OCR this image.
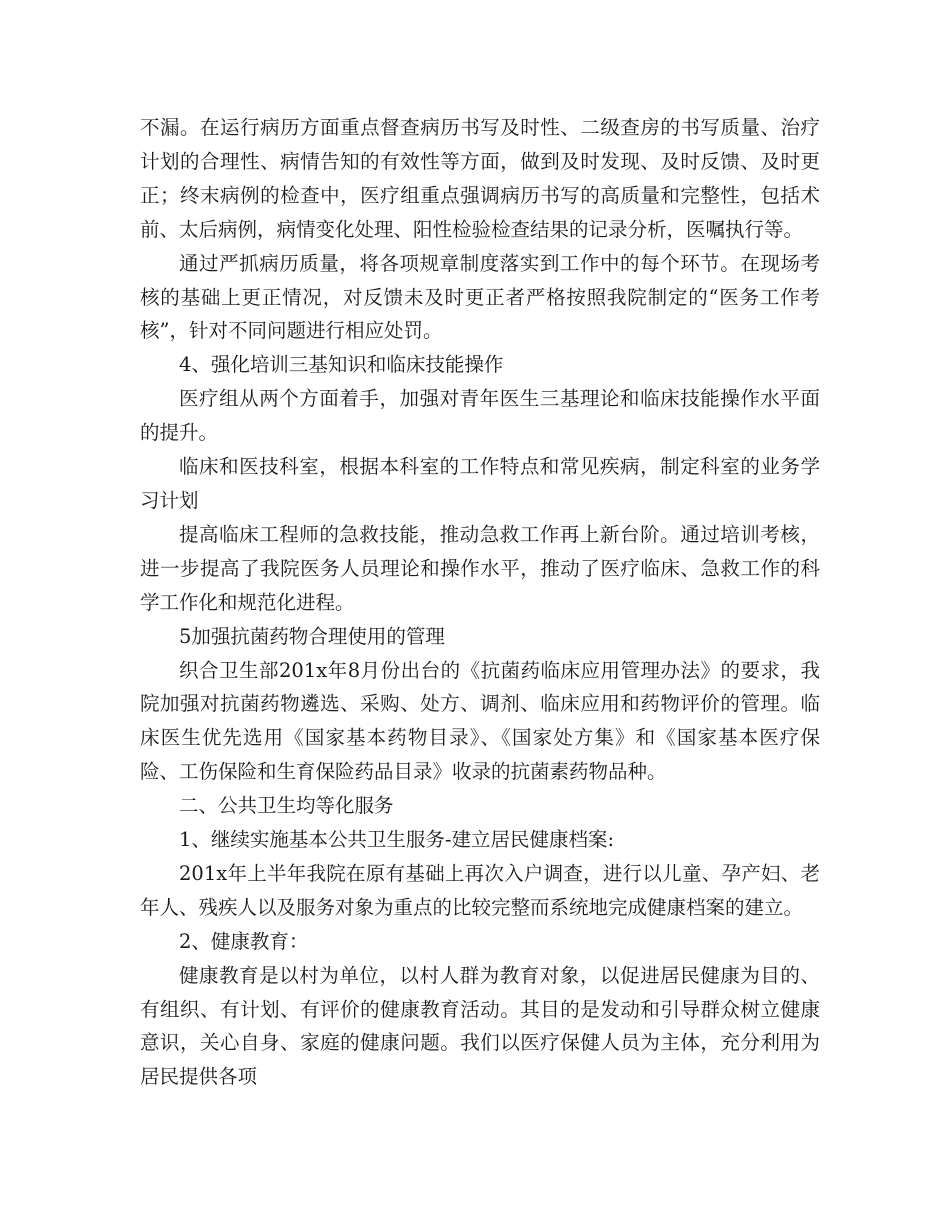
不漏。在运行病历方面重点督查病历书写及时性、二级查房的书写质量、治疗计划的合理性、病情告知的有效性等方面，做到及时发现、及时反馈、及时更正；终末病例的检查中，医疗组重点强调病历书写的高质量和完整性，包括术前、太后病例，病情变化处理、阳性检验检查结果的记录分析，医嘱执行等。

通过严抓病历质量，将各项规章制度落实到工作中的每个环节。在现场考核的基础上更正情况，对反馈未及时更正者严格按照我院制定的“医务工作考核”，针对不同问题进行相应处罚。

4、强化培训三基知识和临床技能操作

医疗组从两个方面着手，加强对青年医生三基理论和临床技能操作水平面的提升。

临床和医技科室，根据本科室的工作特点和常见疾病，制定科室的业务学习计划

提高临床工程师的急救技能，推动急救工作再上新台阶。通过培训考核，进一步提高了我院医务人员理论和操作水平，推动了医疗临床、急救工作的科学工作化和规范化进程。

5加强抗菌药物合理使用的管理

织合卫生部201x年8月份出台的《抗菌药临床应用管理办法》的要求，我院加强对抗菌药物遴选、采购、处方、调剂、临床应用和药物评价的管理。临床医生优先选用《国家基本药物目录》、《国家处方集》和《国家基本医疗保险、工伤保险和生育保险药品目录》收录的抗菌素药物品种。

二、公共卫生均等化服务

1、继续实施基本公共卫生服务-建立居民健康档案:

201x年上半年我院在原有基础上再次入户调查，进行以儿童、孕产妇、老年人、残疾人以及服务对象为重点的比较完整而系统地完成健康档案的建立。

2、健康教育：

健康教育是以村为单位，以村人群为教育对象，以促进居民健康为目的、有组织、有计划、有评价的健康教育活动。其目的是发动和引导群众树立健康意识，关心自身、家庭的健康问题。我们以医疗保健人员为主体，充分利用为居民提供各项
